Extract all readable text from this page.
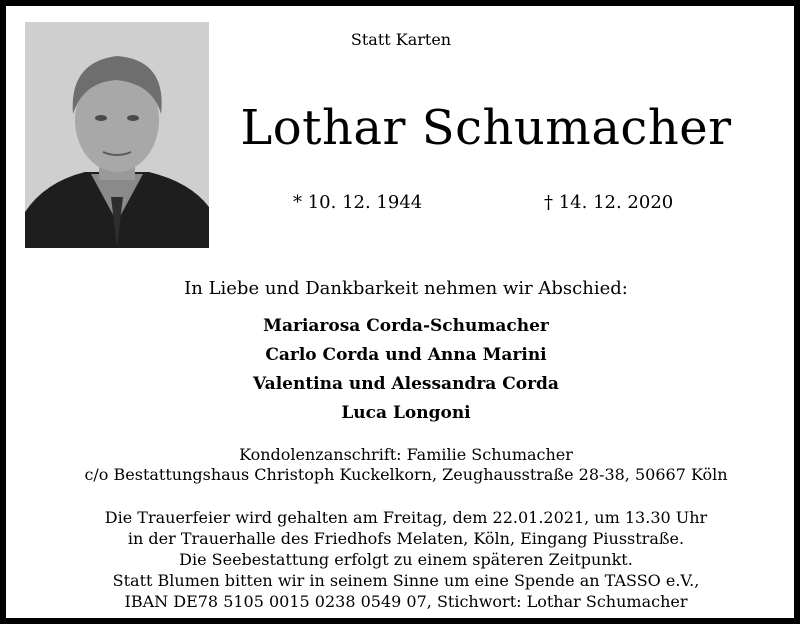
Statt Karten
Lothar Schumacher
* 10. 12. 1944	† 14. 12. 2020
In Liebe und Dankbarkeit nehmen wir Abschied:
Mariarosa Corda-Schumacher
Carlo Corda und Anna Marini
Valentina und Alessandra Corda
Luca Longoni
Kondolenzanschrift: Familie Schumacher
c/o Bestattungshaus Christoph Kuckelkorn, Zeughausstraße 28-38, 50667 Köln
Die Trauerfeier wird gehalten am Freitag, dem 22.01.2021, um 13.30 Uhr
in der Trauerhalle des Friedhofs Melaten, Köln, Eingang Piusstraße.
Die Seebestattung erfolgt zu einem späteren Zeitpunkt.
Statt Blumen bitten wir in seinem Sinne um eine Spende an TASSO e.V.,
IBAN DE78 5105 0015 0238 0549 07, Stichwort: Lothar Schumacher
